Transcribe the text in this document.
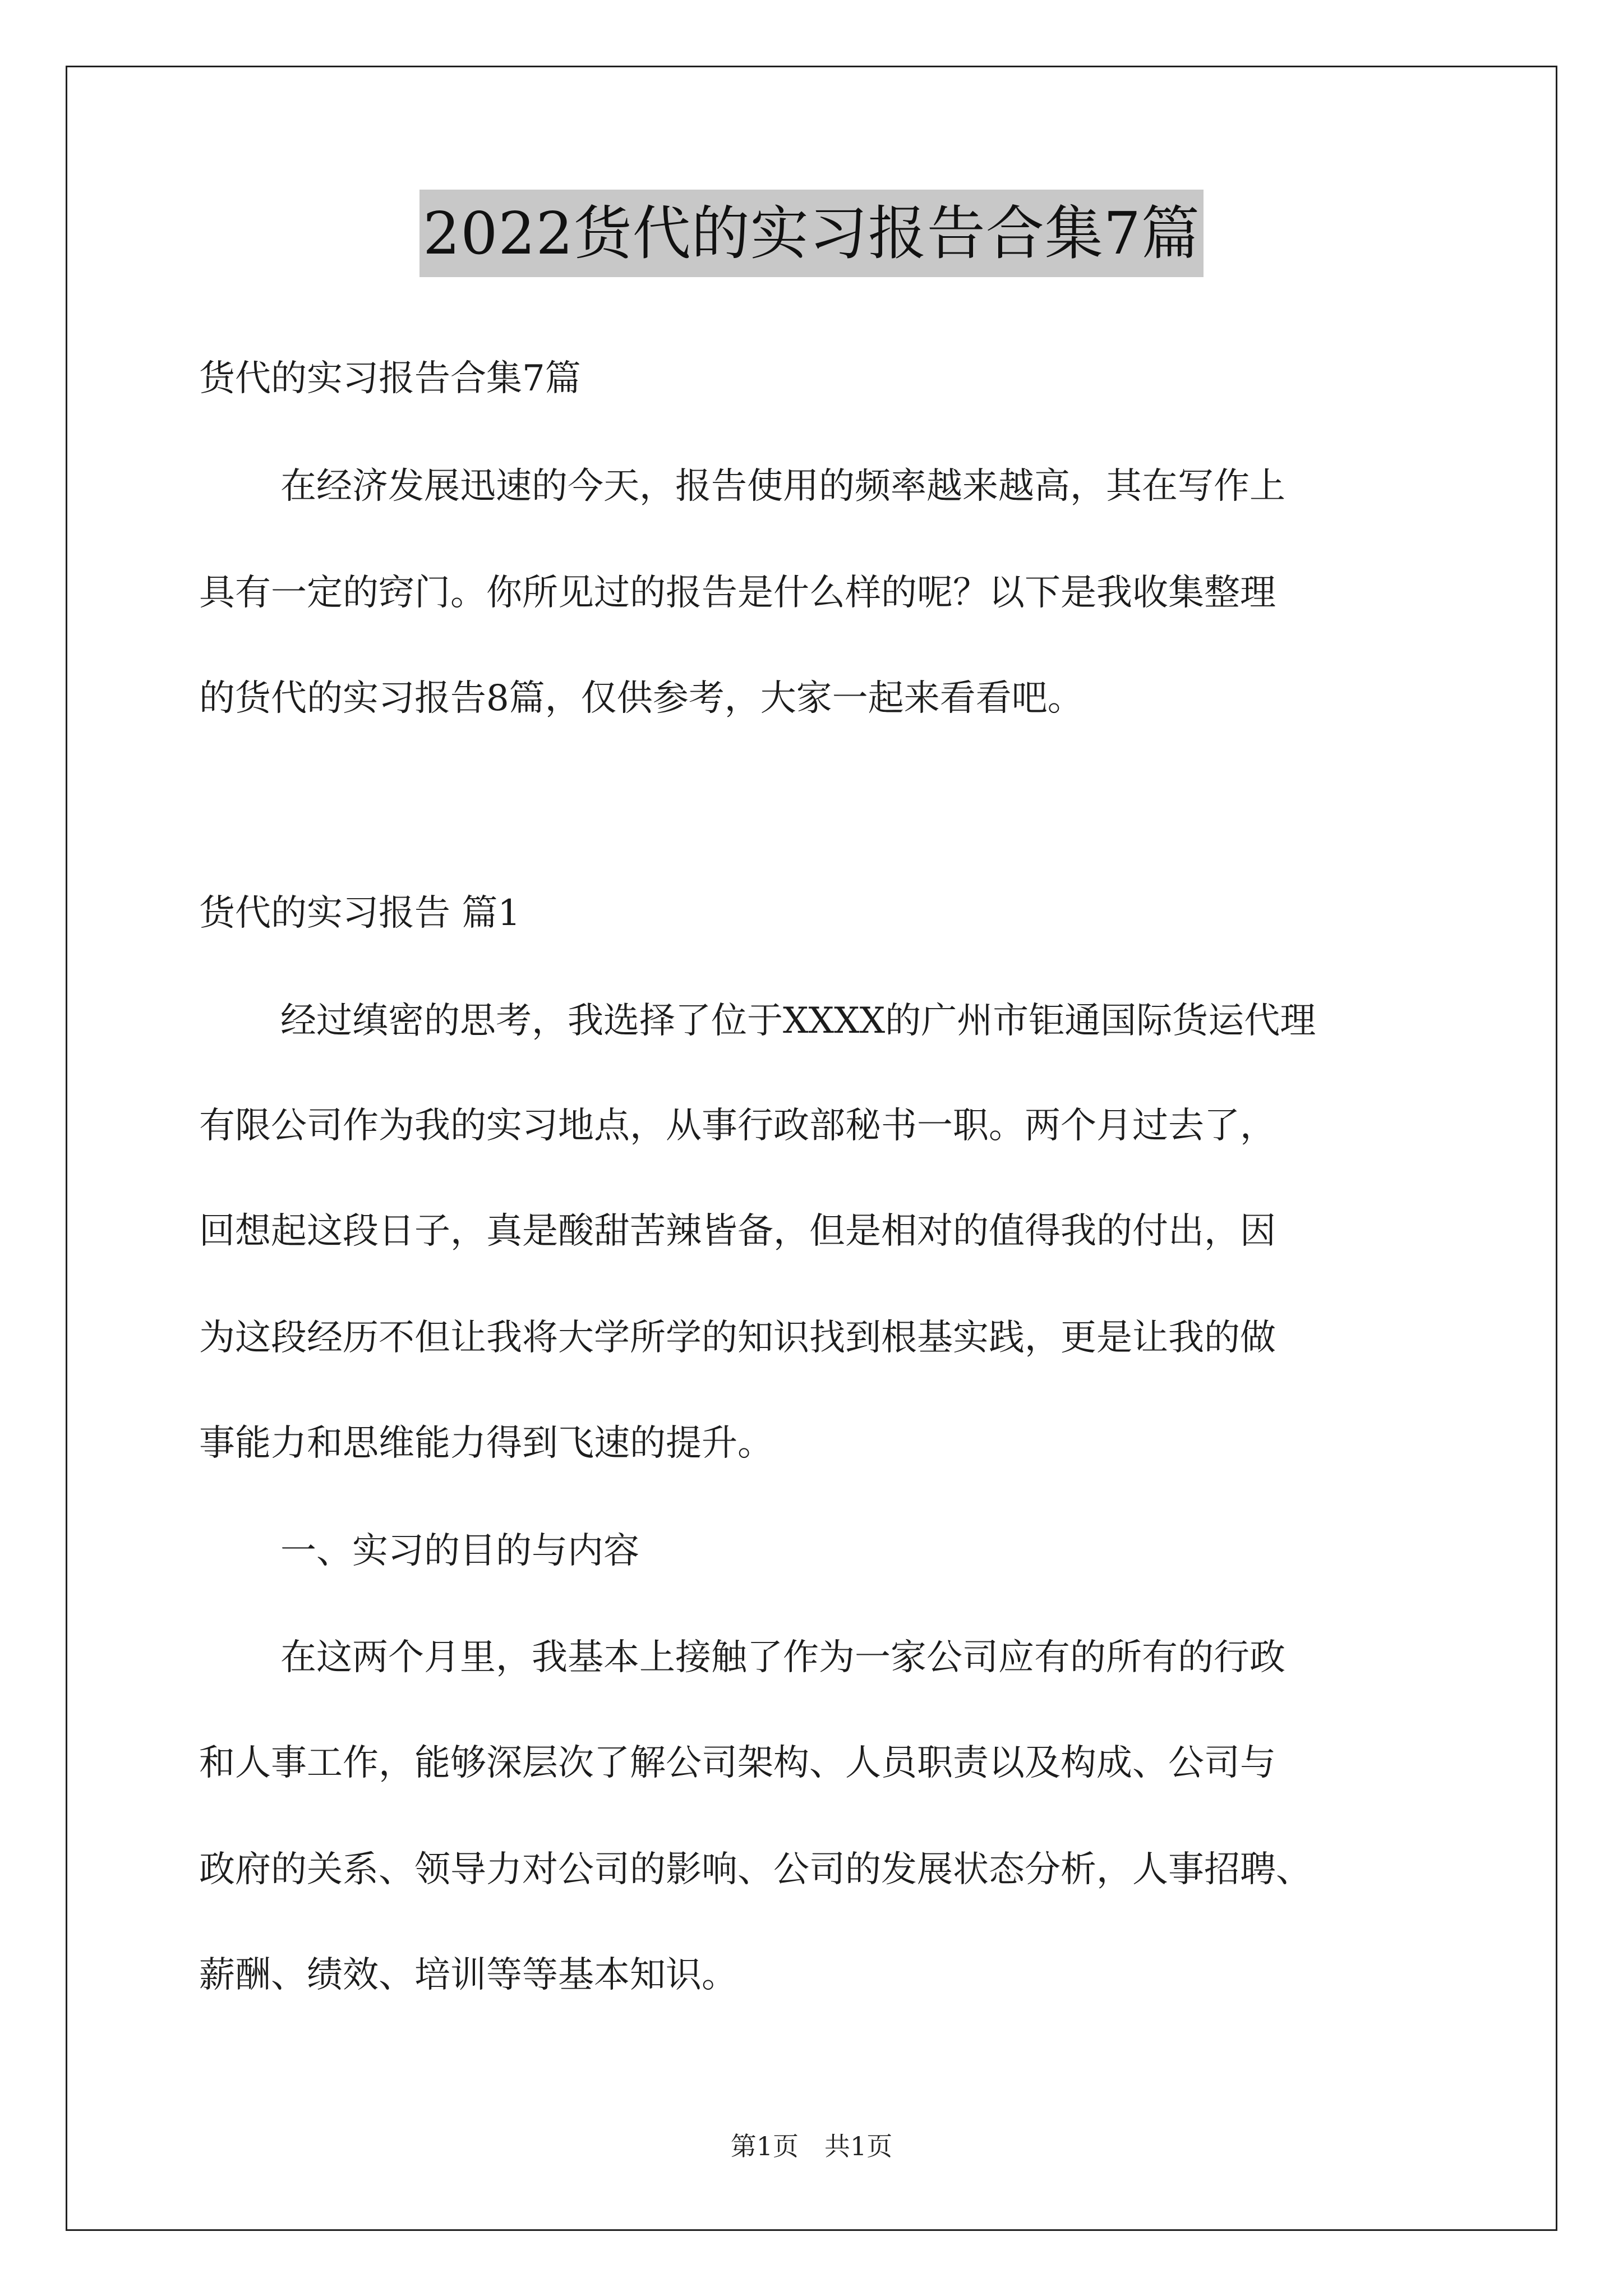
2022货代的实习报告合集7篇
货代的实习报告合集7篇
在经济发展迅速的今天，报告使用的频率越来越高，其在写作上
具有一定的窍门。你所见过的报告是什么样的呢？以下是我收集整理
的货代的实习报告8篇，仅供参考，大家一起来看看吧。
货代的实习报告 篇1
经过缜密的思考，我选择了位于XXXX的广州市钜通国际货运代理
有限公司作为我的实习地点，从事行政部秘书一职。两个月过去了，
回想起这段日子，真是酸甜苦辣皆备，但是相对的值得我的付出，因
为这段经历不但让我将大学所学的知识找到根基实践，更是让我的做
事能力和思维能力得到飞速的提升。
一、实习的目的与内容
在这两个月里，我基本上接触了作为一家公司应有的所有的行政
和人事工作，能够深层次了解公司架构、人员职责以及构成、公司与
政府的关系、领导力对公司的影响、公司的发展状态分析，人事招聘、
薪酬、绩效、培训等等基本知识。
第1页　共1页
